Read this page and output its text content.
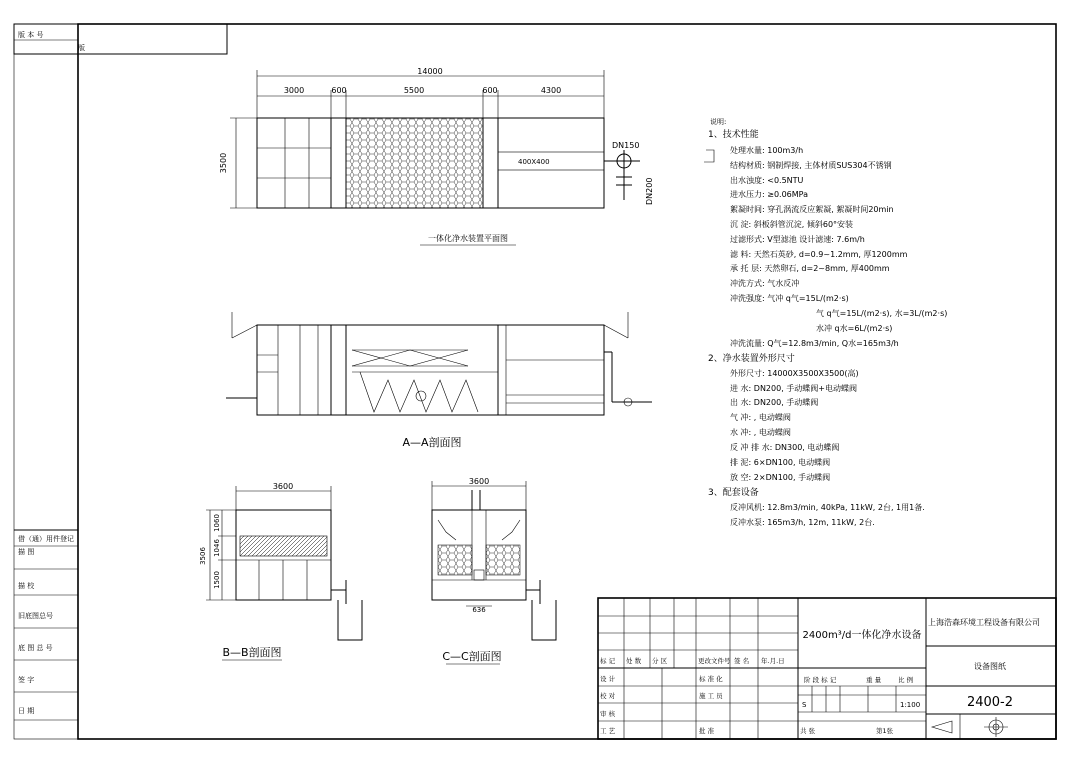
版 本 号
版
借（通）用件登记
描 图
描 校
旧底图总号
底 图 总 号
签 字
日 期
14000
3000	600	5500	600	4300
3500	400X400
DN150
DN200
一体化净水装置平面图
A—A剖面图
3600
3506
1060
1046
1500
B—B剖面图
3600
636
C—C剖面图
说明:
1、技术性能
处理水量: 100m3/h
结构材质: 钢制焊接, 主体材质SUS304不锈钢
出水浊度: <0.5NTU
进水压力: ≥0.06MPa
絮凝时间: 穿孔涡流反应絮凝, 絮凝时间20min
沉 淀: 斜板斜管沉淀, 倾斜60°安装
过滤形式: V型滤池 设计滤速: 7.6m/h
滤 料: 天然石英砂, d=0.9~1.2mm, 厚1200mm
承 托 层: 天然卵石, d=2~8mm, 厚400mm
冲洗方式: 气水反冲
冲洗强度: 气冲 q气=15L/(m2·s)
气 q气=15L/(m2·s), 水=3L/(m2·s)
水冲 q水=6L/(m2·s)
冲洗流量: Q气=12.8m3/min, Q水=165m3/h
2、净水装置外形尺寸
外形尺寸: 14000X3500X3500(高)
进 水: DN200, 手动蝶阀+电动蝶阀
出 水: DN200, 手动蝶阀
气 冲: , 电动蝶阀
水 冲: , 电动蝶阀
反 冲 排 水: DN300, 电动蝶阀
排 泥: 6×DN100, 电动蝶阀
放 空: 2×DN100, 手动蝶阀
3、配套设备
反冲风机: 12.8m3/min, 40kPa, 11kW, 2台, 1用1备.
反冲水泵: 165m3/h, 12m, 11kW, 2台.
标 记 处 数 分 区	更改文件号 签 名 年.月.日
设 计
校 对
审 核
工 艺
标 准 化
施 工 员
批 准
2400m³/d一体化净水设备
阶 段 标 记	重 量	比 例
S	1:100
共 张	第1张
上海浩森环境工程设备有限公司
设备图纸
2400-2
